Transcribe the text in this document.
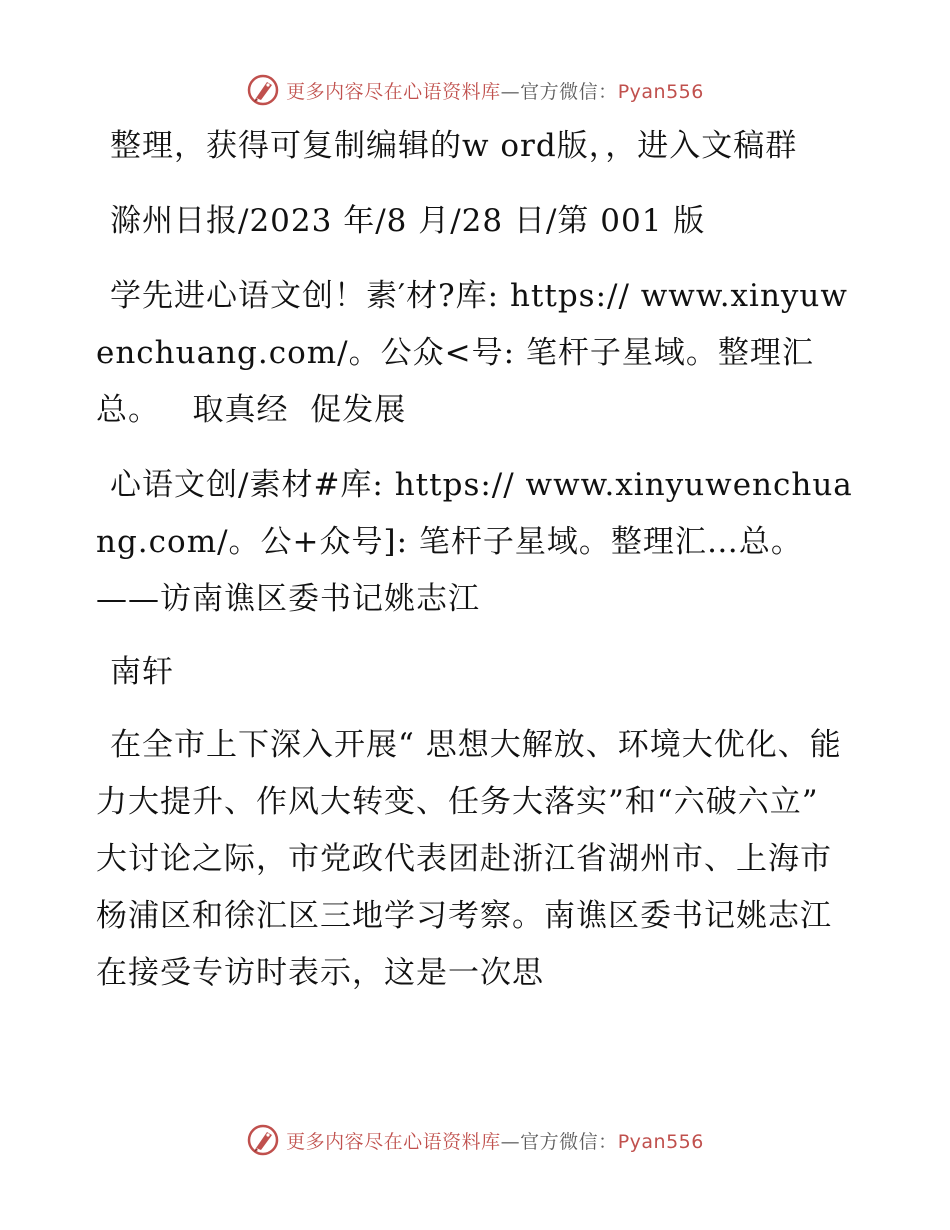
更多内容尽在心语资料库—官方微信：Pyan556

整理，获得可复制编辑的w ord版，，进入文稿群

滁州日报/2023 年/8 月/28 日/第 001 版

学先进心语文创！素′材?库: https:// www.xinyuwenchuang.com/。公众<号: 笔杆子星域。整理汇总。   取真经  促发展

心语文创/素材#库: https:// www.xinyuwenchuang.com/。公+众号]: 笔杆子星域。整理汇…总。——访南谯区委书记姚志江

南轩

在全市上下深入开展“ 思想大解放、环境大优化、能力大提升、作风大转变、任务大落实”和“六破六立”  大讨论之际，市党政代表团赴浙江省湖州市、上海市杨浦区和徐汇区三地学习考察。南谯区委书记姚志江在接受专访时表示，这是一次思

更多内容尽在心语资料库—官方微信：Pyan556
